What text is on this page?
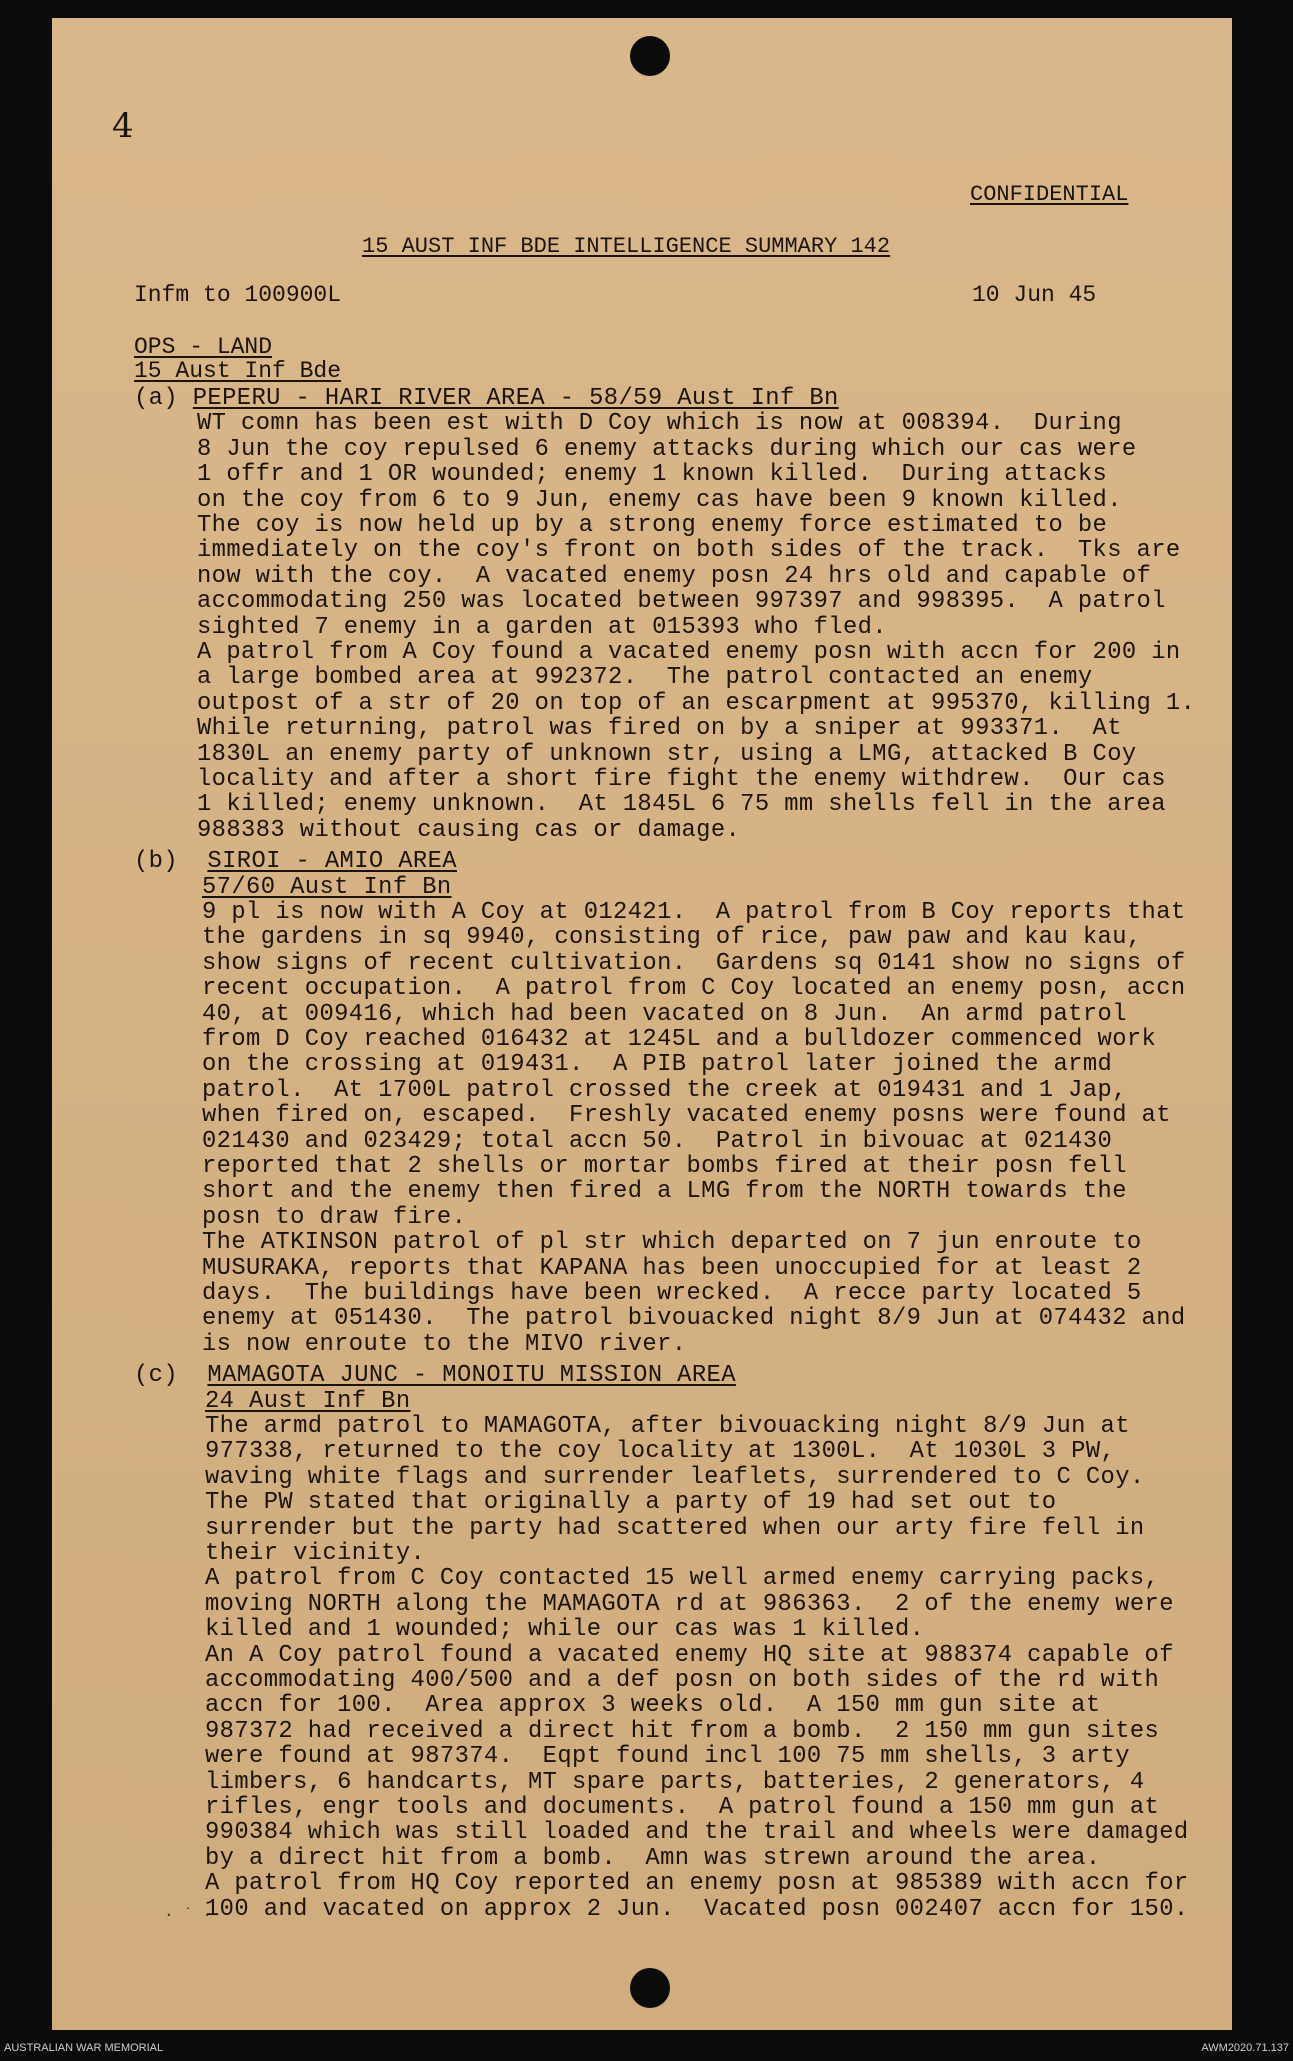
4
CONFIDENTIAL
15 AUST INF BDE INTELLIGENCE SUMMARY 142
Infm to 100900L	10 Jun 45
OPS - LAND
15 Aust Inf Bde
(a) PEPERU - HARI RIVER AREA - 58/59 Aust Inf Bn
WT comn has been est with D Coy which is now at 008394.  During
8 Jun the coy repulsed 6 enemy attacks during which our cas were
1 offr and 1 OR wounded; enemy 1 known killed.  During attacks
on the coy from 6 to 9 Jun, enemy cas have been 9 known killed.
The coy is now held up by a strong enemy force estimated to be
immediately on the coy's front on both sides of the track.  Tks are
now with the coy.  A vacated enemy posn 24 hrs old and capable of
accommodating 250 was located between 997397 and 998395.  A patrol
sighted 7 enemy in a garden at 015393 who fled.
A patrol from A Coy found a vacated enemy posn with accn for 200 in
a large bombed area at 992372.  The patrol contacted an enemy
outpost of a str of 20 on top of an escarpment at 995370, killing 1.
While returning, patrol was fired on by a sniper at 993371.  At
1830L an enemy party of unknown str, using a LMG, attacked B Coy
locality and after a short fire fight the enemy withdrew.  Our cas
1 killed; enemy unknown.  At 1845L 6 75 mm shells fell in the area
988383 without causing cas or damage.
(b)  SIROI - AMIO AREA
57/60 Aust Inf Bn
9 pl is now with A Coy at 012421.  A patrol from B Coy reports that
the gardens in sq 9940, consisting of rice, paw paw and kau kau,
show signs of recent cultivation.  Gardens sq 0141 show no signs of
recent occupation.  A patrol from C Coy located an enemy posn, accn
40, at 009416, which had been vacated on 8 Jun.  An armd patrol
from D Coy reached 016432 at 1245L and a bulldozer commenced work
on the crossing at 019431.  A PIB patrol later joined the armd
patrol.  At 1700L patrol crossed the creek at 019431 and 1 Jap,
when fired on, escaped.  Freshly vacated enemy posns were found at
021430 and 023429; total accn 50.  Patrol in bivouac at 021430
reported that 2 shells or mortar bombs fired at their posn fell
short and the enemy then fired a LMG from the NORTH towards the
posn to draw fire.
The ATKINSON patrol of pl str which departed on 7 jun enroute to
MUSURAKA, reports that KAPANA has been unoccupied for at least 2
days.  The buildings have been wrecked.  A recce party located 5
enemy at 051430.  The patrol bivouacked night 8/9 Jun at 074432 and
is now enroute to the MIVO river.
(c)  MAMAGOTA JUNC - MONOITU MISSION AREA
24 Aust Inf Bn
The armd patrol to MAMAGOTA, after bivouacking night 8/9 Jun at
977338, returned to the coy locality at 1300L.  At 1030L 3 PW,
waving white flags and surrender leaflets, surrendered to C Coy.
The PW stated that originally a party of 19 had set out to
surrender but the party had scattered when our arty fire fell in
their vicinity.
A patrol from C Coy contacted 15 well armed enemy carrying packs,
moving NORTH along the MAMAGOTA rd at 986363.  2 of the enemy were
killed and 1 wounded; while our cas was 1 killed.
An A Coy patrol found a vacated enemy HQ site at 988374 capable of
accommodating 400/500 and a def posn on both sides of the rd with
accn for 100.  Area approx 3 weeks old.  A 150 mm gun site at
987372 had received a direct hit from a bomb.  2 150 mm gun sites
were found at 987374.  Eqpt found incl 100 75 mm shells, 3 arty
limbers, 6 handcarts, MT spare parts, batteries, 2 generators, 4
rifles, engr tools and documents.  A patrol found a 150 mm gun at
990384 which was still loaded and the trail and wheels were damaged
by a direct hit from a bomb.  Amn was strewn around the area.
A patrol from HQ Coy reported an enemy posn at 985389 with accn for
100 and vacated on approx 2 Jun.  Vacated posn 002407 accn for 150.
· ˙ ·
AUSTRALIAN WAR MEMORIAL	AWM2020.71.137
